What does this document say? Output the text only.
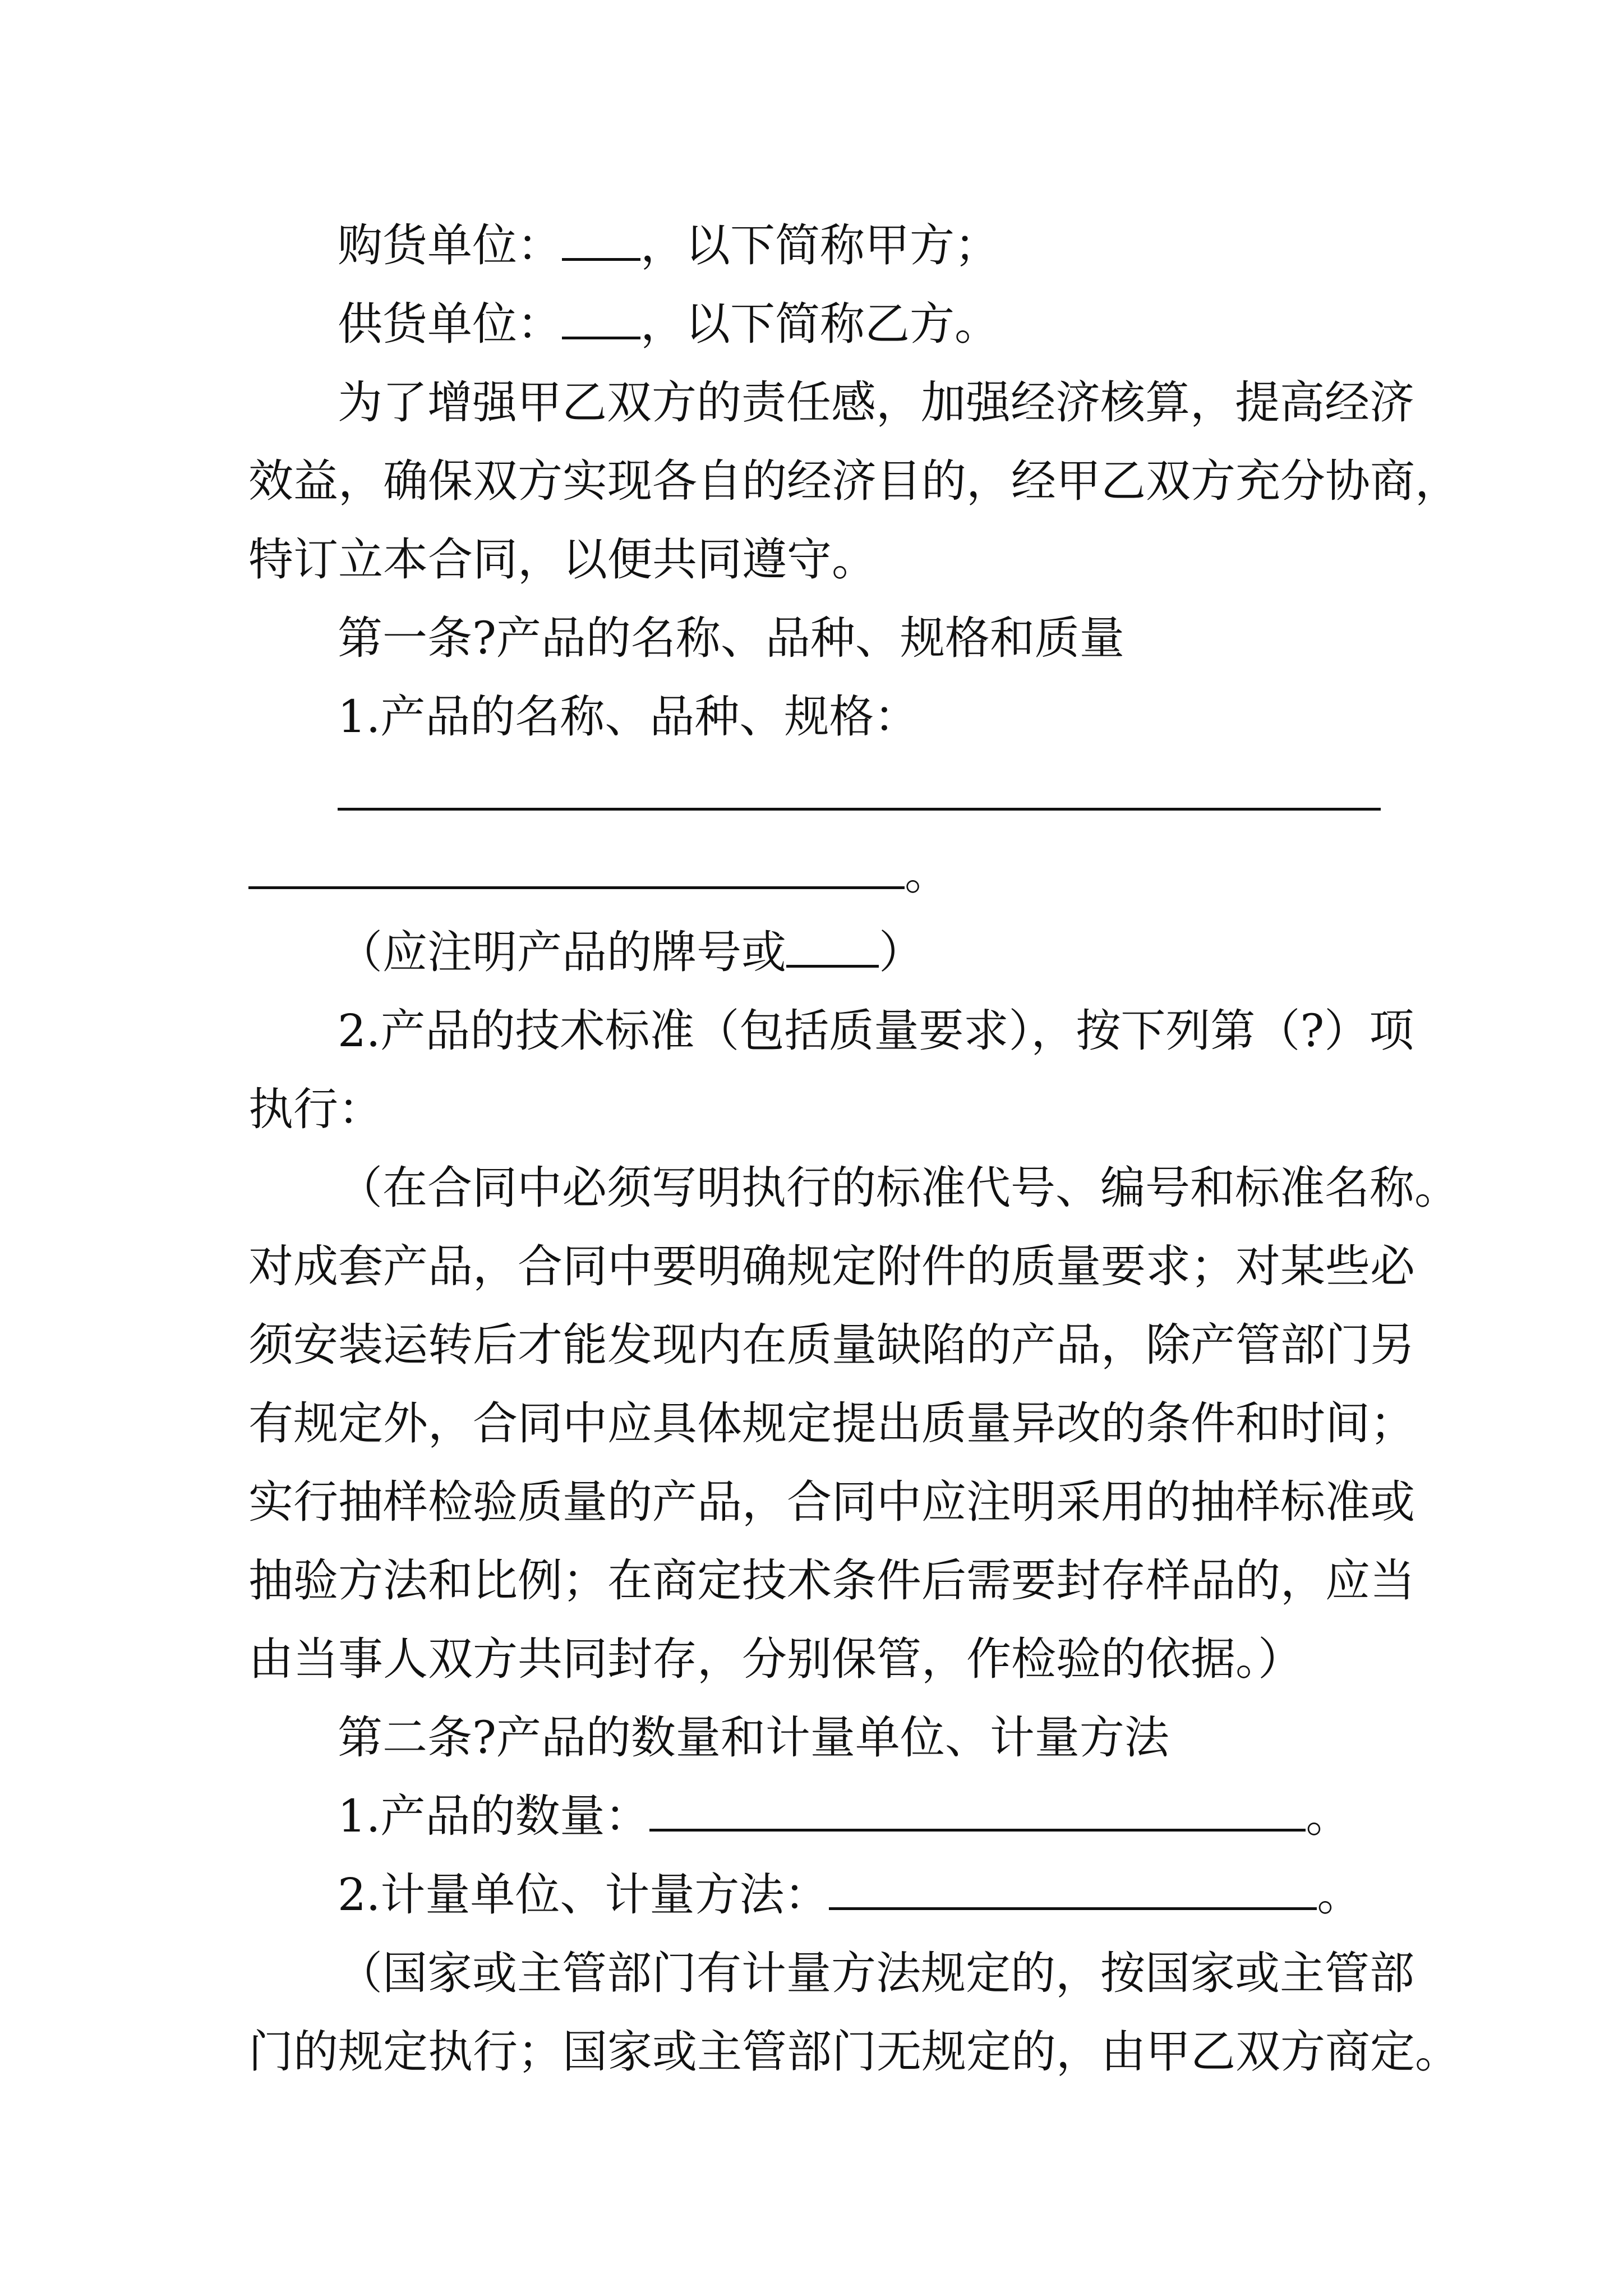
购货单位： ，以下简称甲方；
供货单位： ，以下简称乙方。
为了增强甲乙双方的责任感，加强经济核算，提高经济
效益，确保双方实现各自的经济目的，经甲乙双方充分协商，
特订立本合同，以便共同遵守。
第一条?产品的名称、品种、规格和质量
1.产品的名称、品种、规格：
。
（应注明产品的牌号或 ）
2.产品的技术标准（包括质量要求），按下列第（?）项
执行：
（在合同中必须写明执行的标准代号、编号和标准名称。
对成套产品，合同中要明确规定附件的质量要求；对某些必
须安装运转后才能发现内在质量缺陷的产品，除产管部门另
有规定外，合同中应具体规定提出质量异改的条件和时间；
实行抽样检验质量的产品，合同中应注明采用的抽样标准或
抽验方法和比例；在商定技术条件后需要封存样品的，应当
由当事人双方共同封存，分别保管，作检验的依据。）
第二条?产品的数量和计量单位、计量方法
1.产品的数量：	。
2.计量单位、计量方法：	。
（国家或主管部门有计量方法规定的，按国家或主管部
门的规定执行；国家或主管部门无规定的，由甲乙双方商定。
